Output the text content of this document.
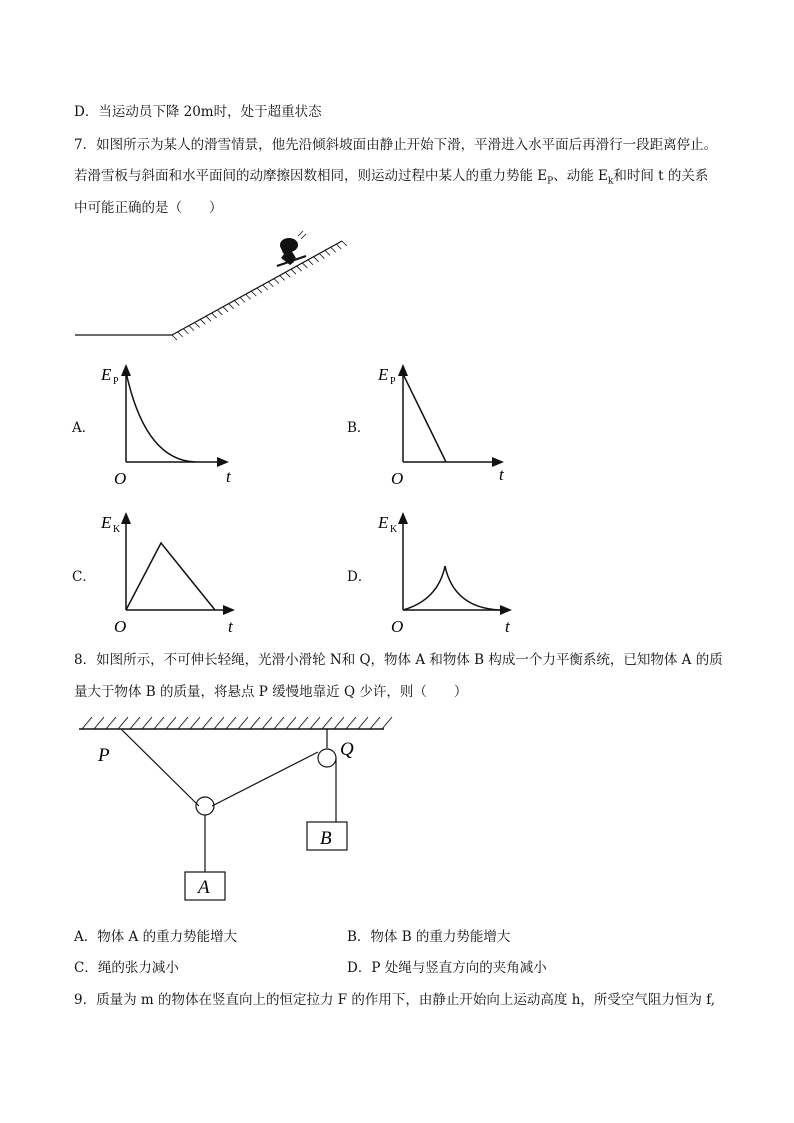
D．当运动员下降 20m时，处于超重状态
7．如图所示为某人的滑雪情景，他先沿倾斜坡面由静止开始下滑，平滑进入水平面后再滑行一段距离停止。
若滑雪板与斜面和水平面间的动摩擦因数相同，则运动过程中某人的重力势能 $E_P$、动能 $E_k$和时间 t 的关系
中可能正确的是（　　）
A．
E P
O	t
B．
E P
O	t
C．
E K
O	t
D．
E K
O	t
8．如图所示，不可伸长轻绳，光滑小滑轮 N和 Q，物体 A 和物体 B 构成一个力平衡系统，已知物体 A 的质
量大于物体 B 的质量，将悬点 P 缓慢地靠近 Q 少许，则（　　）
P	Q
A
B
A．物体 A 的重力势能增大	B．物体 B 的重力势能增大
C．绳的张力减小	D．P 处绳与竖直方向的夹角减小
9．质量为 m 的物体在竖直向上的恒定拉力 F 的作用下，由静止开始向上运动高度 h，所受空气阻力恒为 f,
